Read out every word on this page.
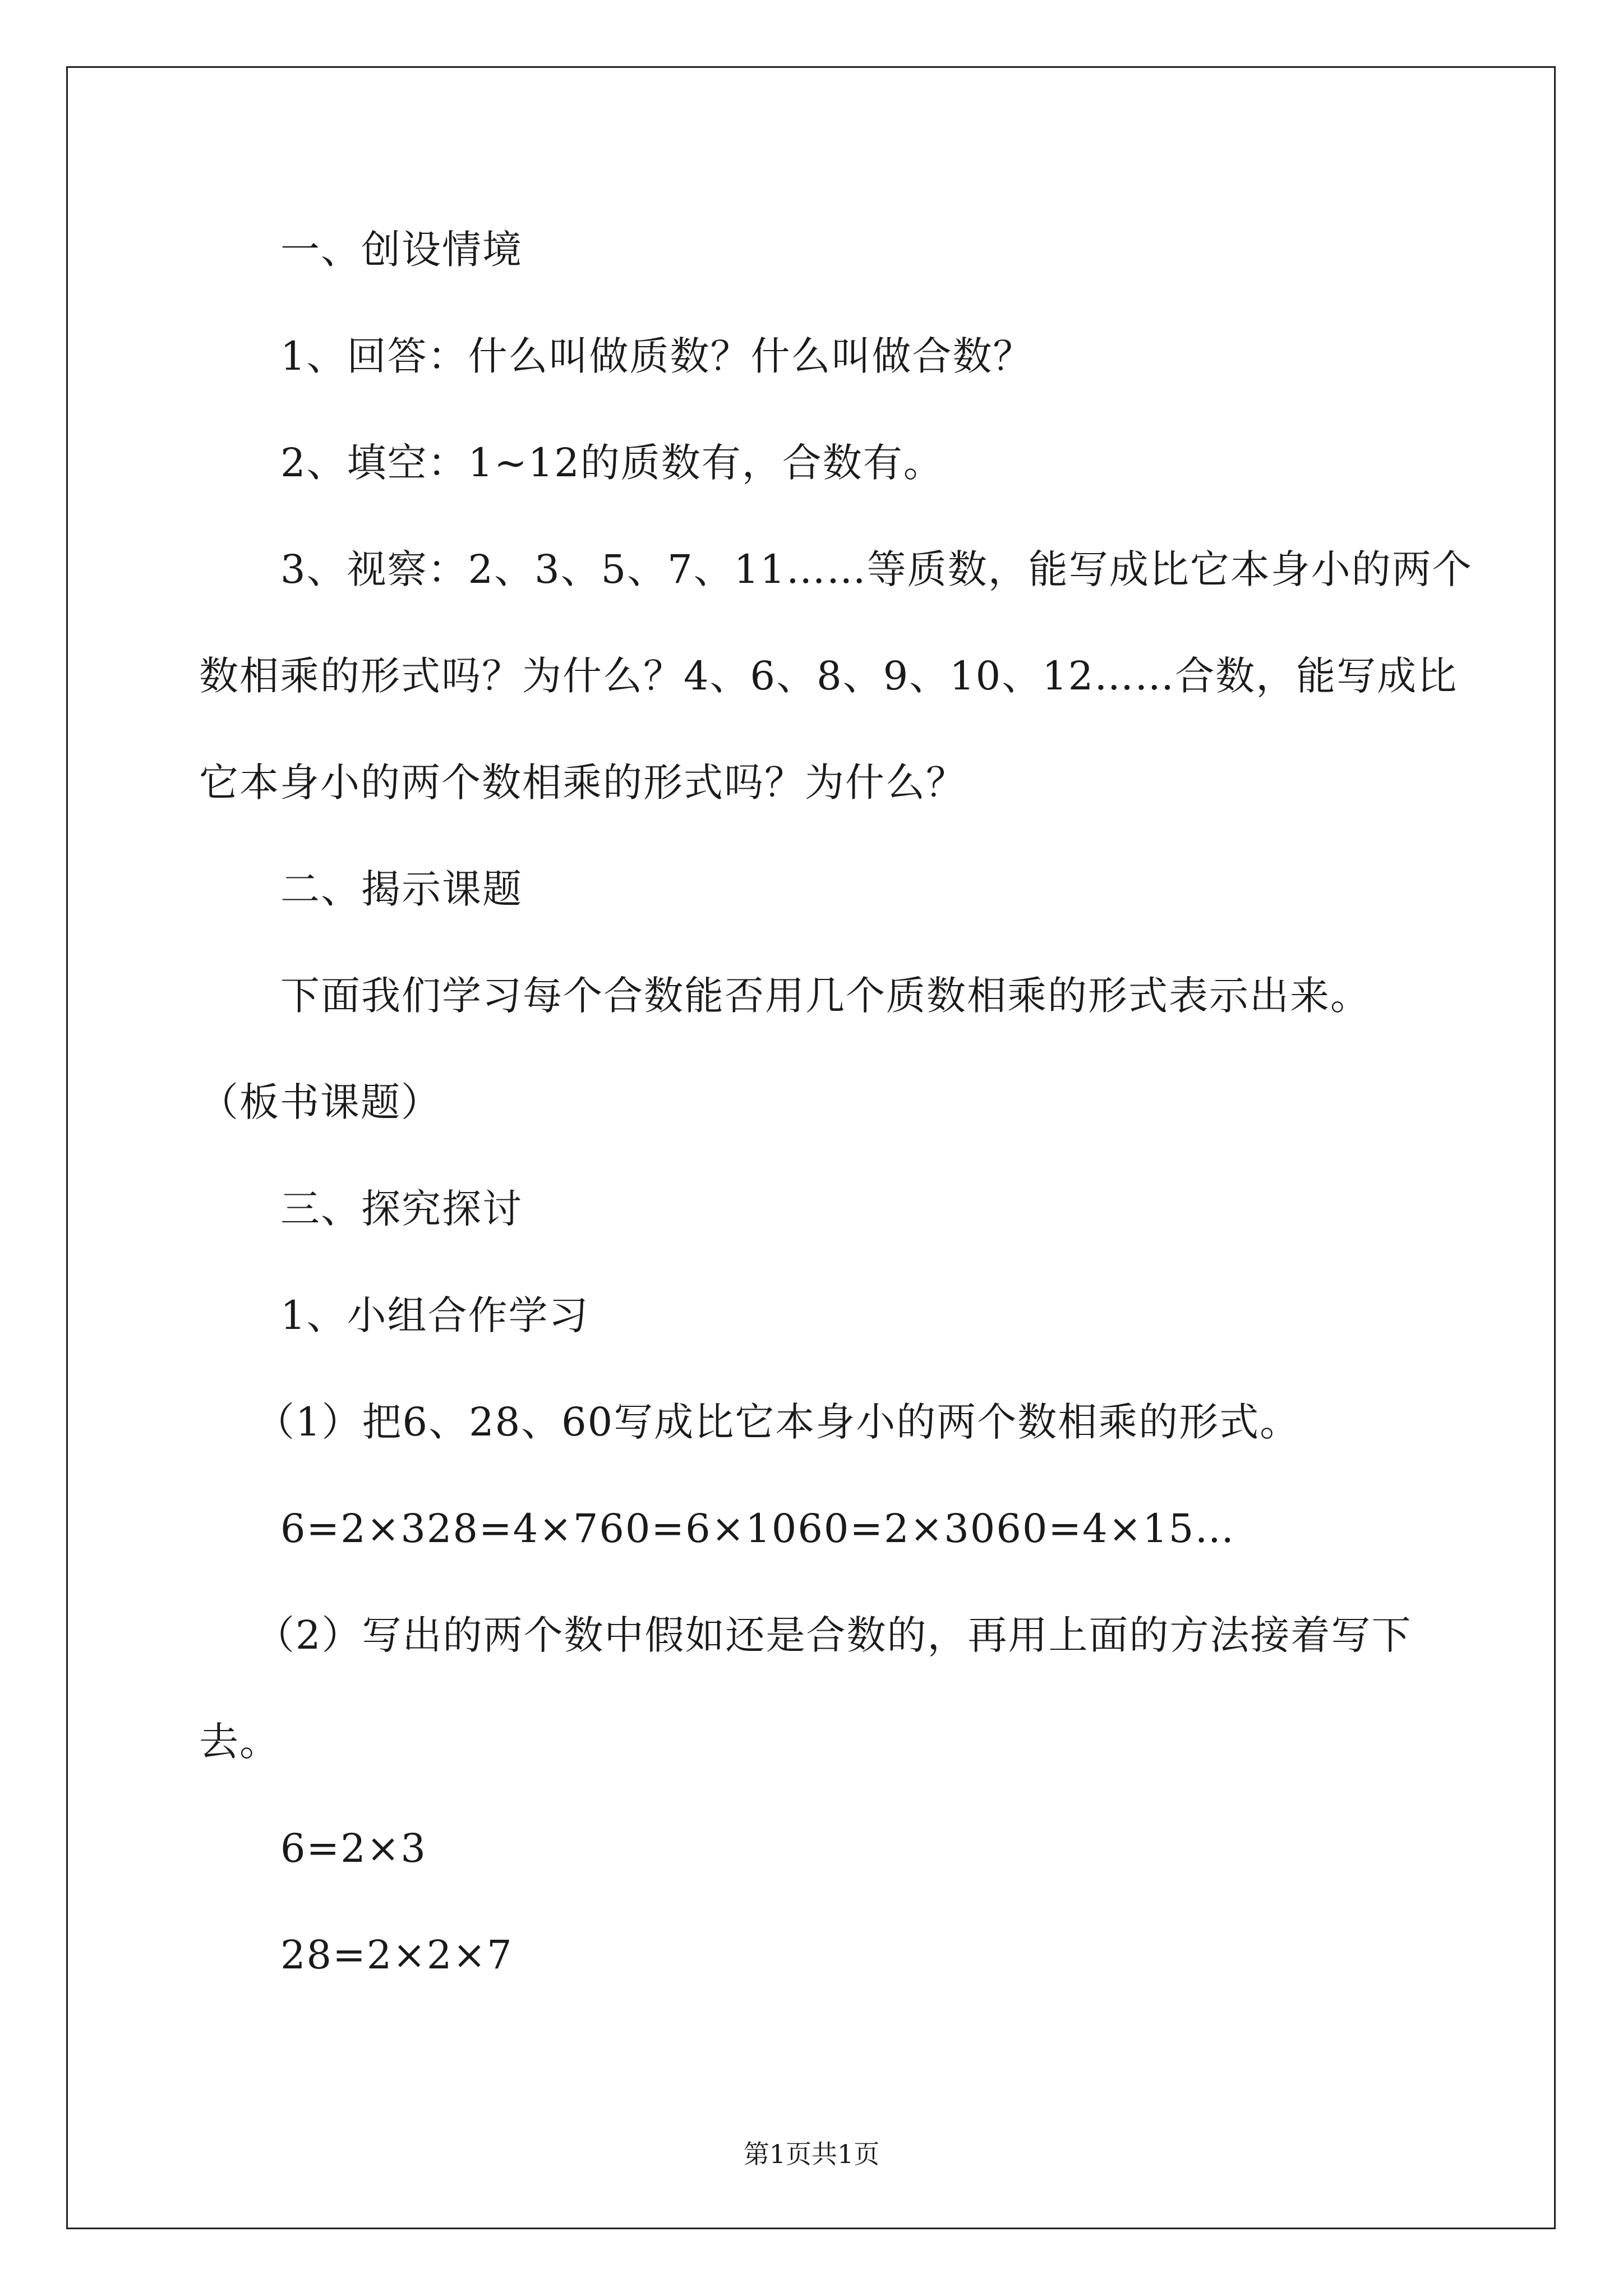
一、创设情境
1、回答：什么叫做质数？什么叫做合数？
2、填空：1~12的质数有，合数有。
3、视察：2、3、5、7、11……等质数，能写成比它本身小的两个
数相乘的形式吗？为什么？4、6、8、9、10、12……合数，能写成比
它本身小的两个数相乘的形式吗？为什么？
二、揭示课题
下面我们学习每个合数能否用几个质数相乘的形式表示出来。
（板书课题）
三、探究探讨
1、小组合作学习
（1）把6、28、60写成比它本身小的两个数相乘的形式。
6=2×328=4×760=6×1060=2×3060=4×15…
（2）写出的两个数中假如还是合数的，再用上面的方法接着写下
去。
6=2×3
28=2×2×7
第1页共1页
